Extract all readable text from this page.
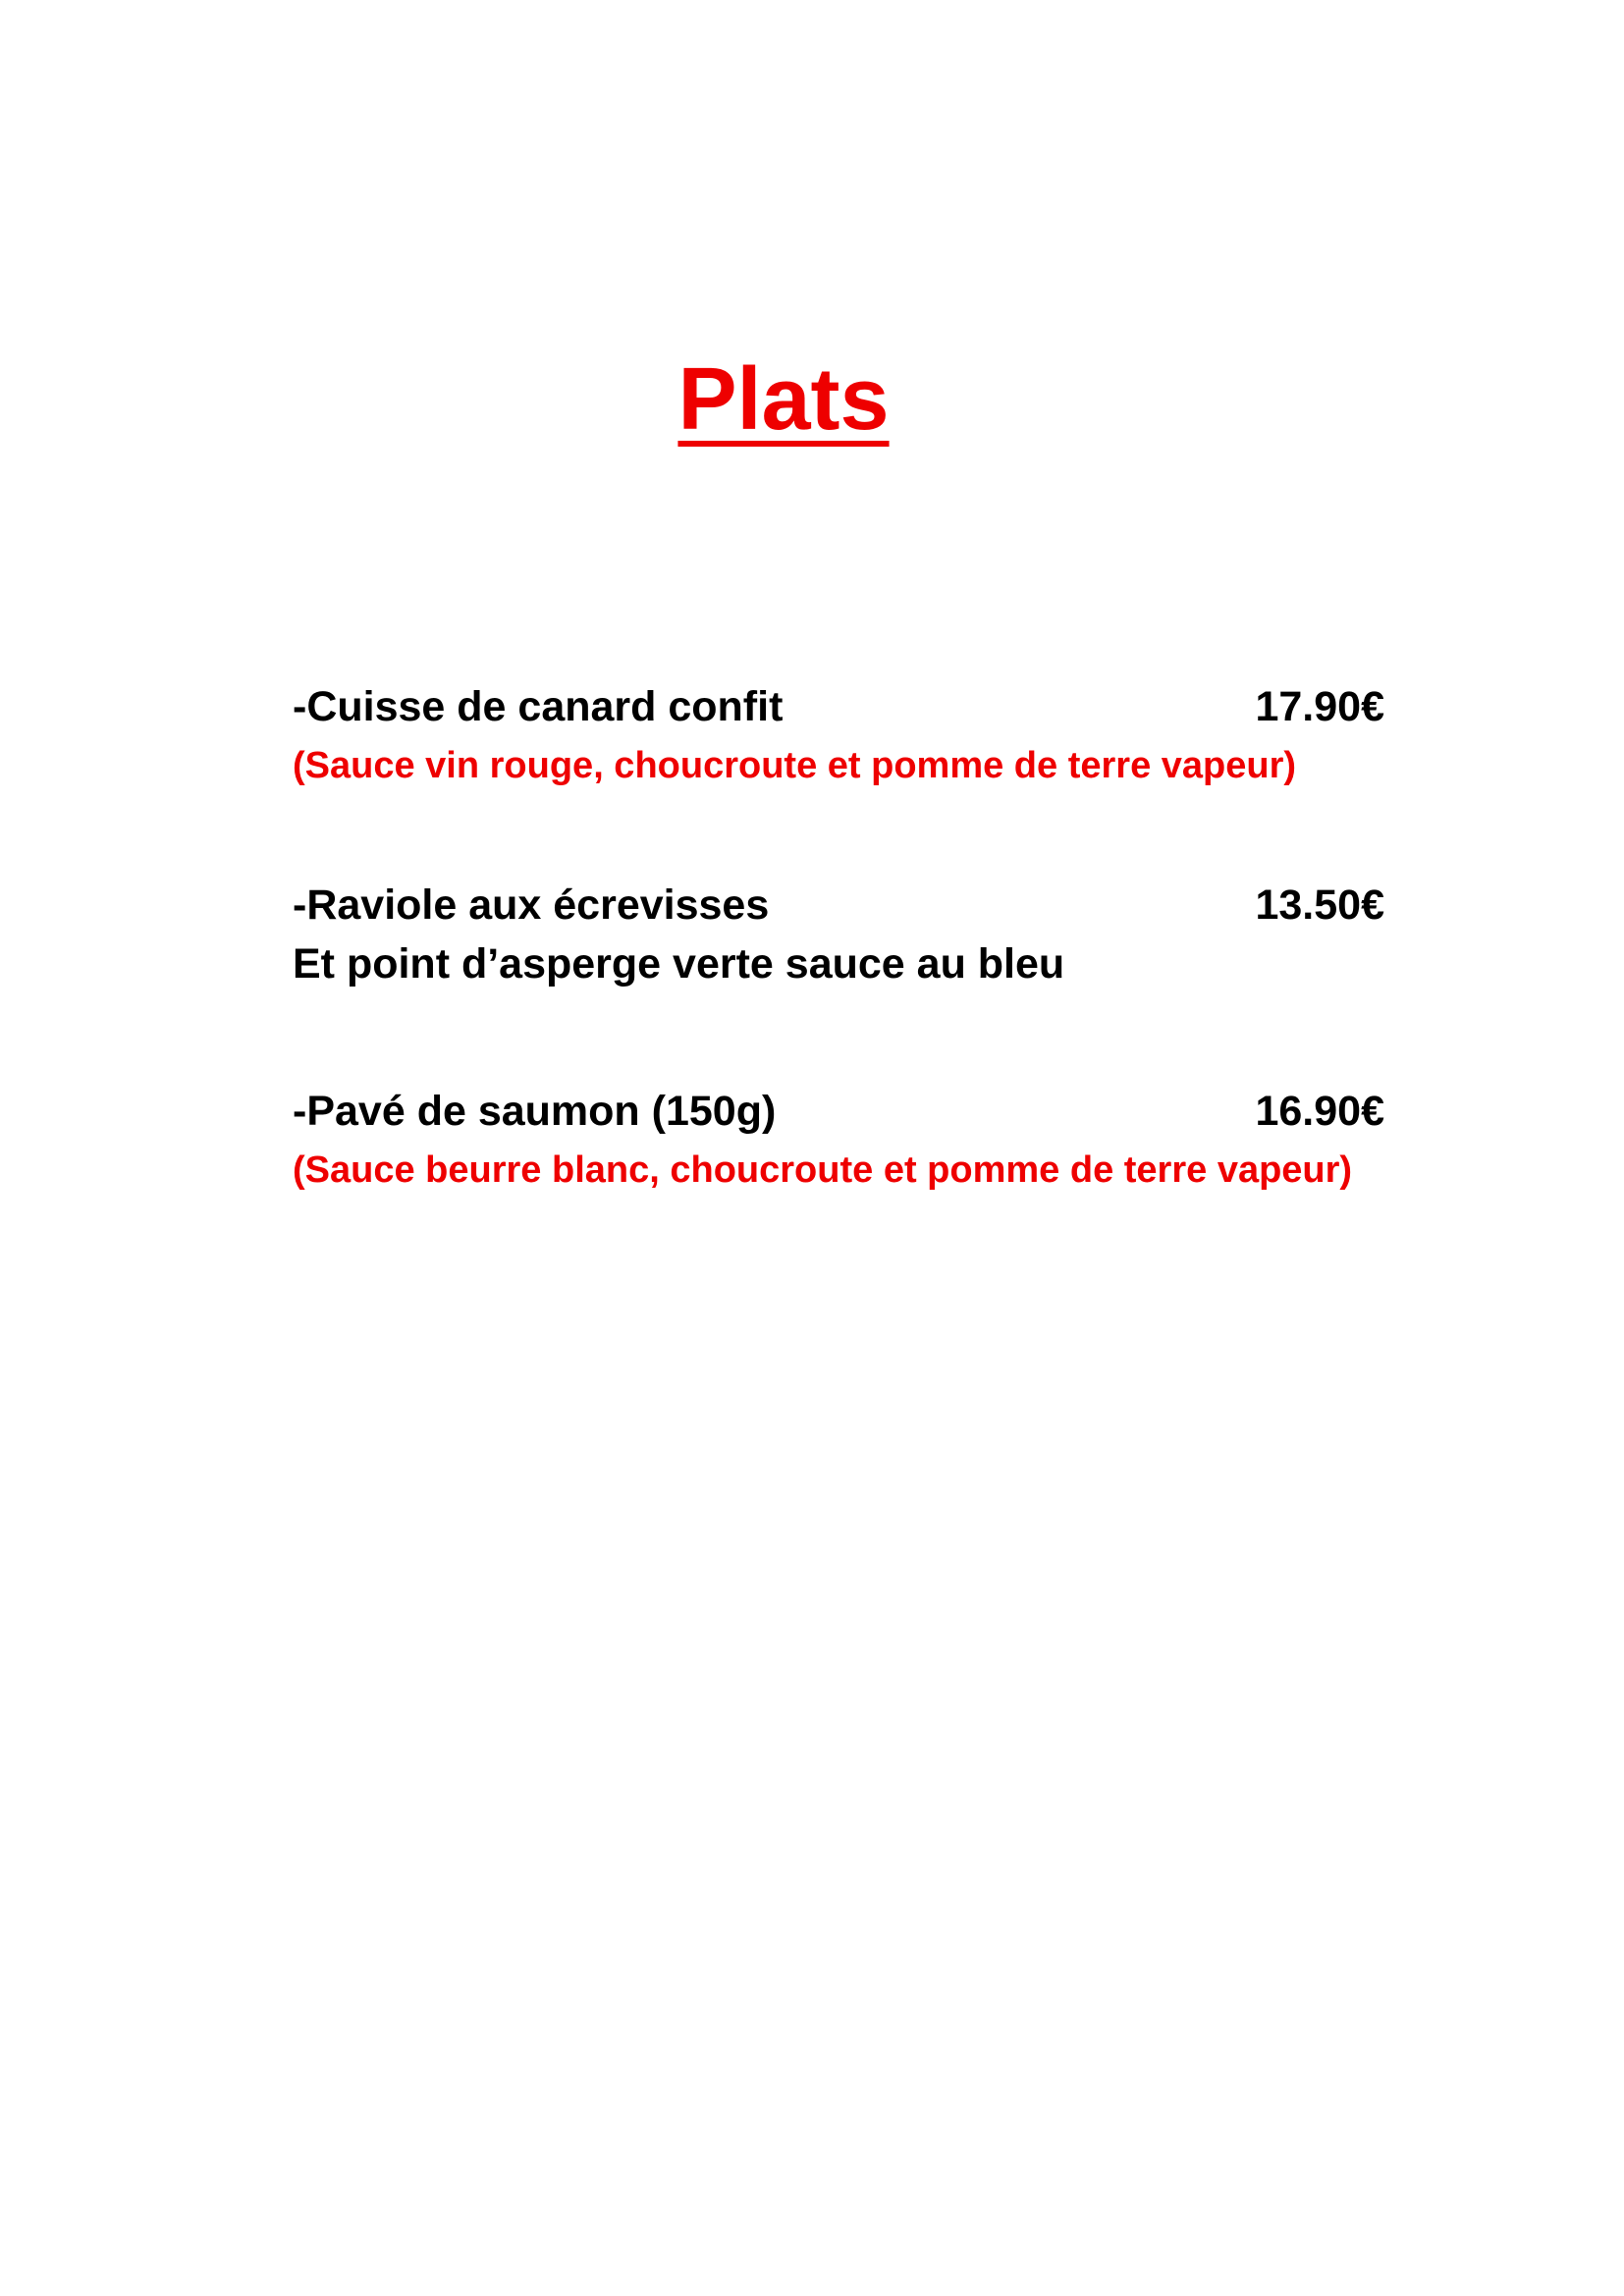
Plats
-Cuisse de canard confit	17.90€
(Sauce vin rouge, choucroute et pomme de terre vapeur)
-Raviole aux écrevisses	13.50€
Et point d’asperge verte sauce au bleu
-Pavé de saumon (150g)	16.90€
(Sauce beurre blanc, choucroute et pomme de terre vapeur)
